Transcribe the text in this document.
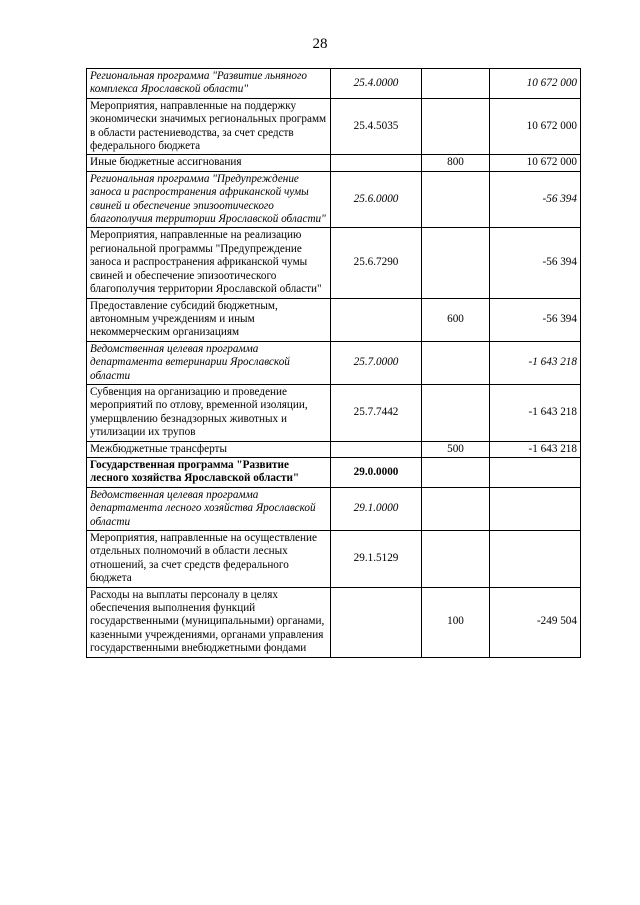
28
Региональная программа "Развитие льняного комплекса Ярославской области"	25.4.0000		10 672 000
Мероприятия, направленные на поддержку экономически значимых региональных программ в области растениеводства, за счет средств федерального бюджета	25.4.5035		10 672 000
Иные бюджетные ассигнования		800	10 672 000
Региональная программа "Предупреждение заноса и распространения африканской чумы свиней и обеспечение эпизоотического благополучия территории Ярославской области"	25.6.0000		-56 394
Мероприятия, направленные на реализацию региональной программы "Предупреждение заноса и распространения африканской чумы свиней и обеспечение эпизоотического благополучия территории Ярославской области"	25.6.7290		-56 394
Предоставление субсидий бюджетным, автономным учреждениям и иным некоммерческим организациям		600	-56 394
Ведомственная целевая программа департамента ветеринарии Ярославской области	25.7.0000		-1 643 218
Субвенция на организацию и проведение мероприятий по отлову, временной изоляции, умерщвлению безнадзорных животных и утилизации их трупов	25.7.7442		-1 643 218
Межбюджетные трансферты		500	-1 643 218
Государственная программа "Развитие лесного хозяйства Ярославской области"	29.0.0000		
Ведомственная целевая программа департамента лесного хозяйства Ярославской области	29.1.0000		
Мероприятия, направленные на осуществление отдельных полномочий в области лесных отношений, за счет средств федерального бюджета	29.1.5129		
Расходы на выплаты персоналу в целях обеспечения выполнения функций государственными (муниципальными) органами, казенными учреждениями, органами управления государственными внебюджетными фондами		100	-249 504
